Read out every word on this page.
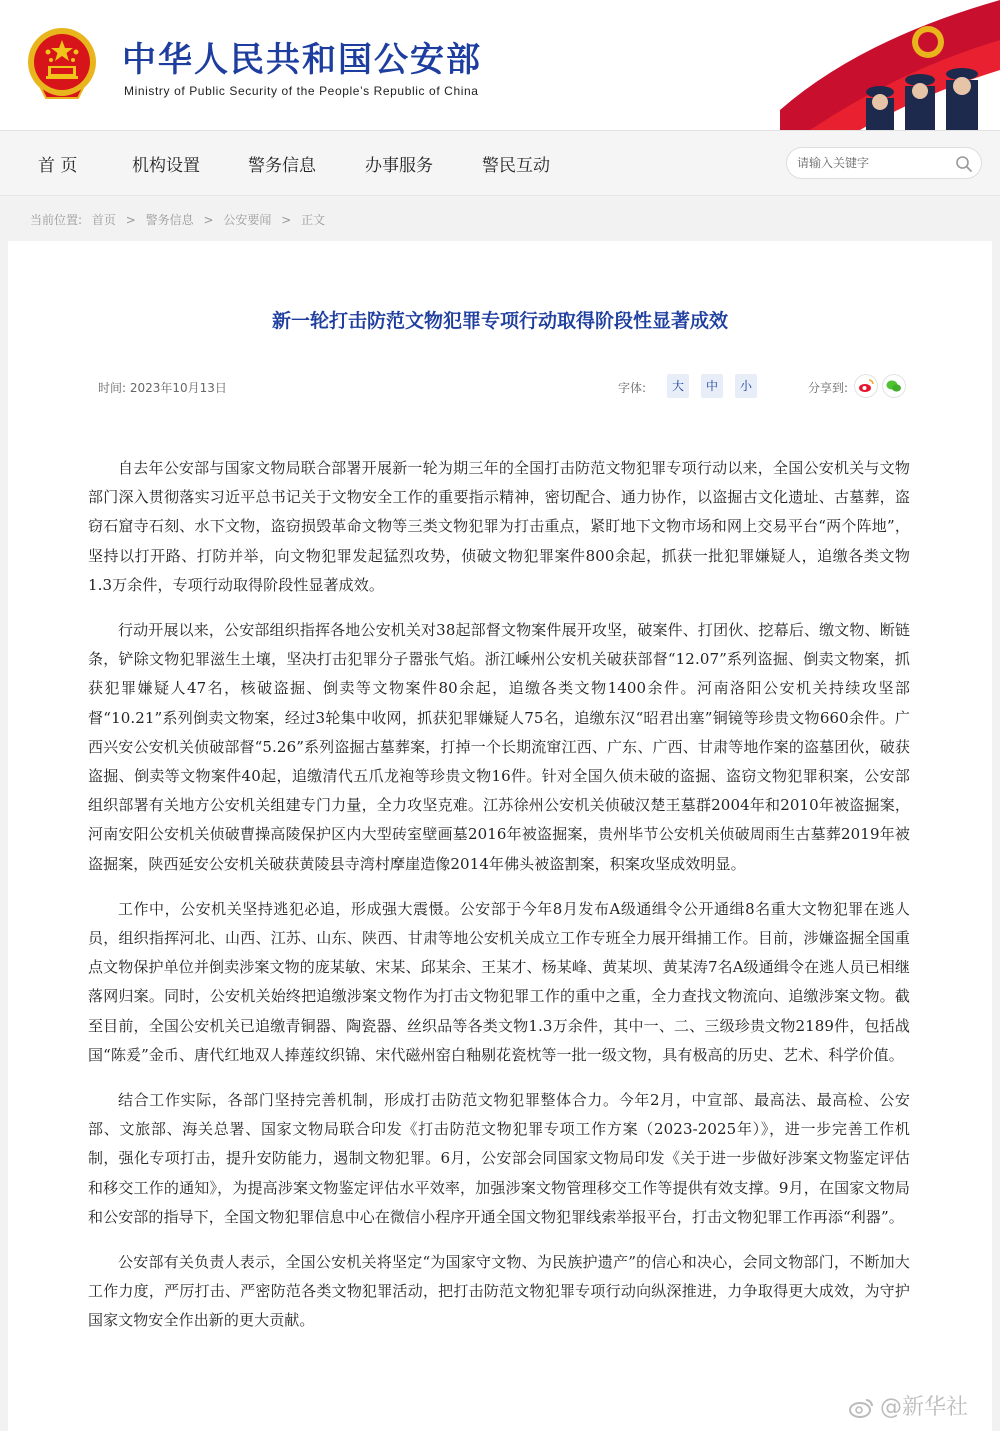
中华人民共和国公安部
Ministry of Public Security of the People’s Republic of China
首 页	机构设置	警务信息	办事服务	警民互动
请输入关键字
当前位置: 首页 > 警务信息 > 公安要闻 > 正文
新一轮打击防范文物犯罪专项行动取得阶段性显著成效
时间: 2023年10月13日	字体:	大	中	小	分享到:

自去年公安部与国家文物局联合部署开展新一轮为期三年的全国打击防范文物犯罪专项行动以来，全国公安机关与文物部门深入贯彻落实习近平总书记关于文物安全工作的重要指示精神，密切配合、通力协作，以盗掘古文化遗址、古墓葬，盗窃石窟寺石刻、水下文物，盗窃损毁革命文物等三类文物犯罪为打击重点，紧盯地下文物市场和网上交易平台“两个阵地”，坚持以打开路、打防并举，向文物犯罪发起猛烈攻势，侦破文物犯罪案件800余起，抓获一批犯罪嫌疑人，追缴各类文物1.3万余件，专项行动取得阶段性显著成效。

行动开展以来，公安部组织指挥各地公安机关对38起部督文物案件展开攻坚，破案件、打团伙、挖幕后、缴文物、断链条，铲除文物犯罪滋生土壤，坚决打击犯罪分子嚣张气焰。浙江嵊州公安机关破获部督“12.07”系列盗掘、倒卖文物案，抓获犯罪嫌疑人47名，核破盗掘、倒卖等文物案件80余起，追缴各类文物1400余件。河南洛阳公安机关持续攻坚部督“10.21”系列倒卖文物案，经过3轮集中收网，抓获犯罪嫌疑人75名，追缴东汉“昭君出塞”铜镜等珍贵文物660余件。广西兴安公安机关侦破部督“5.26”系列盗掘古墓葬案，打掉一个长期流窜江西、广东、广西、甘肃等地作案的盗墓团伙，破获盗掘、倒卖等文物案件40起，追缴清代五爪龙袍等珍贵文物16件。针对全国久侦未破的盗掘、盗窃文物犯罪积案，公安部组织部署有关地方公安机关组建专门力量，全力攻坚克难。江苏徐州公安机关侦破汉楚王墓群2004年和2010年被盗掘案，河南安阳公安机关侦破曹操高陵保护区内大型砖室壁画墓2016年被盗掘案，贵州毕节公安机关侦破周雨生古墓葬2019年被盗掘案，陕西延安公安机关破获黄陵县寺湾村摩崖造像2014年佛头被盗割案，积案攻坚成效明显。

工作中，公安机关坚持逃犯必追，形成强大震慑。公安部于今年8月发布A级通缉令公开通缉8名重大文物犯罪在逃人员，组织指挥河北、山西、江苏、山东、陕西、甘肃等地公安机关成立工作专班全力展开缉捕工作。目前，涉嫌盗掘全国重点文物保护单位并倒卖涉案文物的庞某敏、宋某、邱某余、王某才、杨某峰、黄某坝、黄某涛7名A级通缉令在逃人员已相继落网归案。同时，公安机关始终把追缴涉案文物作为打击文物犯罪工作的重中之重，全力查找文物流向、追缴涉案文物。截至目前，全国公安机关已追缴青铜器、陶瓷器、丝织品等各类文物1.3万余件，其中一、二、三级珍贵文物2189件，包括战国“陈爰”金币、唐代红地双人捧莲纹织锦、宋代磁州窑白釉剔花瓷枕等一批一级文物，具有极高的历史、艺术、科学价值。

结合工作实际，各部门坚持完善机制，形成打击防范文物犯罪整体合力。今年2月，中宣部、最高法、最高检、公安部、文旅部、海关总署、国家文物局联合印发《打击防范文物犯罪专项工作方案（2023-2025年）》，进一步完善工作机制，强化专项打击，提升安防能力，遏制文物犯罪。6月，公安部会同国家文物局印发《关于进一步做好涉案文物鉴定评估和移交工作的通知》，为提高涉案文物鉴定评估水平效率，加强涉案文物管理移交工作等提供有效支撑。9月，在国家文物局和公安部的指导下，全国文物犯罪信息中心在微信小程序开通全国文物犯罪线索举报平台，打击文物犯罪工作再添“利器”。

公安部有关负责人表示，全国公安机关将坚定“为国家守文物、为民族护遗产”的信心和决心，会同文物部门，不断加大工作力度，严厉打击、严密防范各类文物犯罪活动，把打击防范文物犯罪专项行动向纵深推进，力争取得更大成效，为守护国家文物安全作出新的更大贡献。

@新华社
